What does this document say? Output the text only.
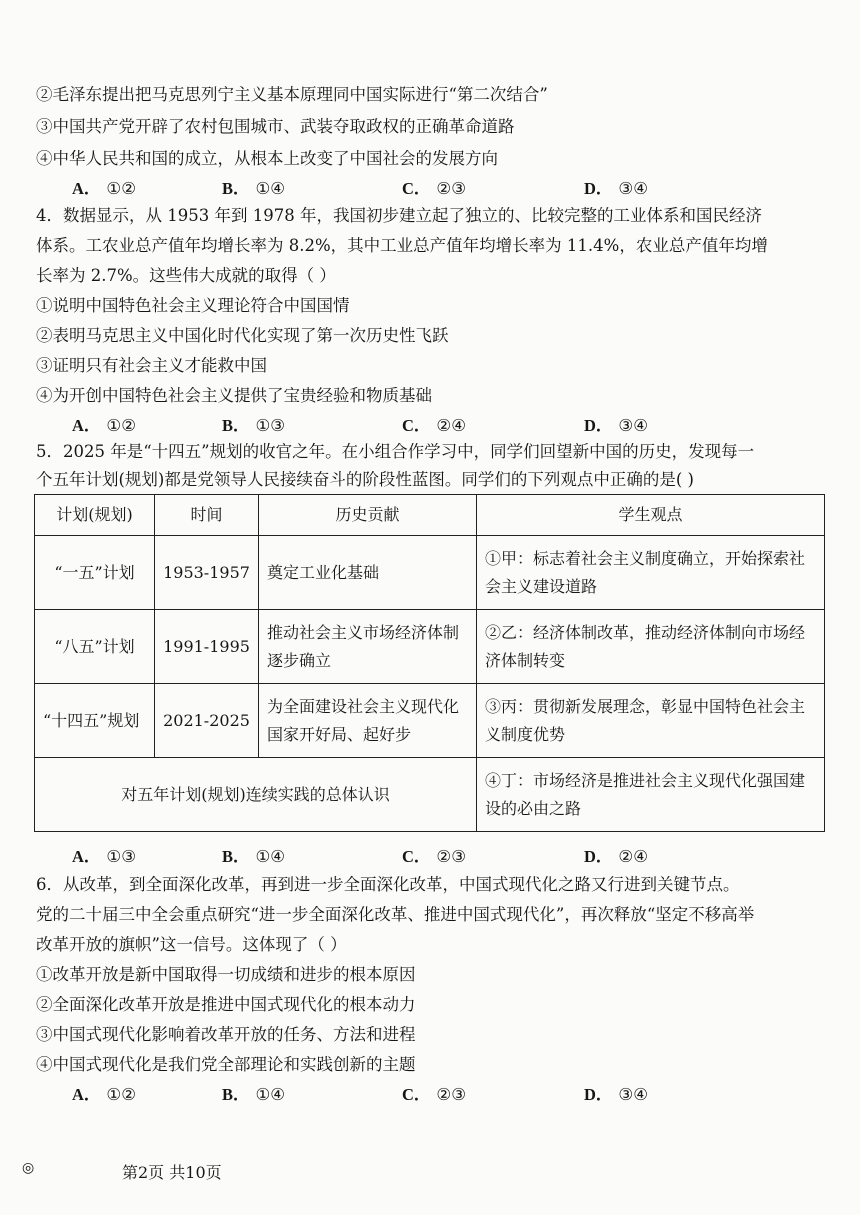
②毛泽东提出把马克思列宁主义基本原理同中国实际进行“第二次结合”
③中国共产党开辟了农村包围城市、武装夺取政权的正确革命道路
④中华人民共和国的成立，从根本上改变了中国社会的发展方向
A． ①②	B． ①④	C． ②③	D． ③④
4．数据显示，从 1953 年到 1978 年，我国初步建立起了独立的、比较完整的工业体系和国民经济
体系。工农业总产值年均增长率为 8.2%，其中工业总产值年均增长率为 11.4%，农业总产值年均增
长率为 2.7%。这些伟大成就的取得（ ）
①说明中国特色社会主义理论符合中国国情
②表明马克思主义中国化时代化实现了第一次历史性飞跃
③证明只有社会主义才能救中国
④为开创中国特色社会主义提供了宝贵经验和物质基础
A． ①②	B． ①③	C． ②④	D． ③④
5．2025 年是“十四五”规划的收官之年。在小组合作学习中，同学们回望新中国的历史，发现每一
个五年计划(规划)都是党领导人民接续奋斗的阶段性蓝图。同学们的下列观点中正确的是( )
计划(规划)	时间	历史贡献	学生观点
“一五”计划	1953-1957	奠定工业化基础	①甲：标志着社会主义制度确立，开始探索社会主义建设道路
“八五”计划	1991-1995	推动社会主义市场经济体制逐步确立	②乙：经济体制改革，推动经济体制向市场经济体制转变
“十四五”规划	2021-2025	为全面建设社会主义现代化国家开好局、起好步	③丙：贯彻新发展理念，彰显中国特色社会主义制度优势
对五年计划(规划)连续实践的总体认识			④丁：市场经济是推进社会主义现代化强国建设的必由之路
A． ①③	B． ①④	C． ②③	D． ②④
6．从改革，到全面深化改革，再到进一步全面深化改革，中国式现代化之路又行进到关键节点。
党的二十届三中全会重点研究“进一步全面深化改革、推进中国式现代化”，再次释放“坚定不移高举
改革开放的旗帜”这一信号。这体现了（ ）
①改革开放是新中国取得一切成绩和进步的根本原因
②全面深化改革开放是推进中国式现代化的根本动力
③中国式现代化影响着改革开放的任务、方法和进程
④中国式现代化是我们党全部理论和实践创新的主题
A． ①②	B． ①④	C． ②③	D． ③④
◎	第2页 共10页
